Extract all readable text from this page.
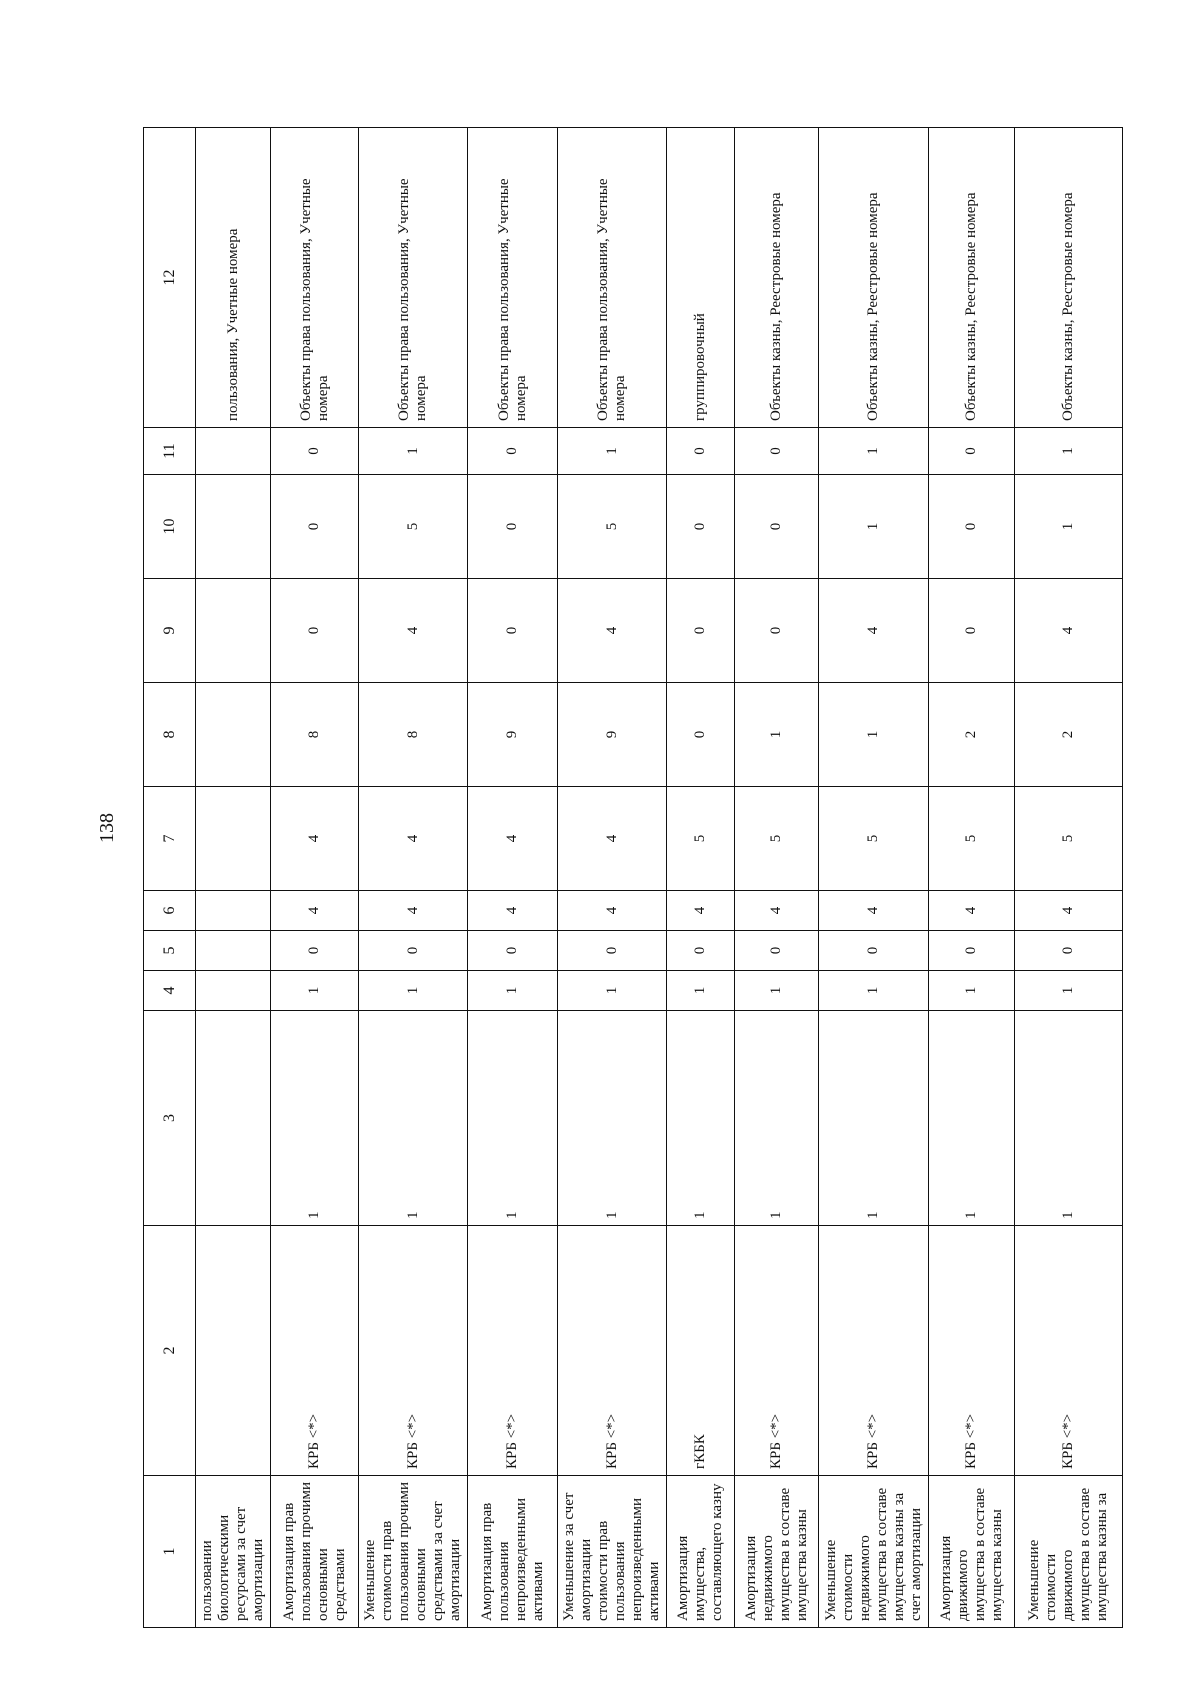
138
1	2	3	4	5	6	7	8	9	10	11	12
пользовании биологическими ресурсами за счет амортизации											пользования, Учетные номера
Амортизация прав пользования прочими основными средствами	КРБ <*>	1	1	0	4	4	8	0	0	0	Объекты права пользования, Учетные номера
Уменьшение стоимости прав пользования прочими основными средствами за счет амортизации	КРБ <*>	1	1	0	4	4	8	4	5	1	Объекты права пользования, Учетные номера
Амортизация прав пользования непроизведенными активами	КРБ <*>	1	1	0	4	4	9	0	0	0	Объекты права пользования, Учетные номера
Уменьшение за счет амортизации стоимости прав пользования непроизведенными активами	КРБ <*>	1	1	0	4	4	9	4	5	1	Объекты права пользования, Учетные номера
Амортизация имущества, составляющего казну	гКБК	1	1	0	4	5	0	0	0	0	группировочный
Амортизация недвижимого имущества в составе имущества казны	КРБ <*>	1	1	0	4	5	1	0	0	0	Объекты казны, Реестровые номера
Уменьшение стоимости недвижимого имущества в составе имущества казны за счет амортизации	КРБ <*>	1	1	0	4	5	1	4	1	1	Объекты казны, Реестровые номера
Амортизация движимого имущества в составе имущества казны	КРБ <*>	1	1	0	4	5	2	0	0	0	Объекты казны, Реестровые номера
Уменьшение стоимости движимого имущества в составе имущества казны за	КРБ <*>	1	1	0	4	5	2	4	1	1	Объекты казны, Реестровые номера
